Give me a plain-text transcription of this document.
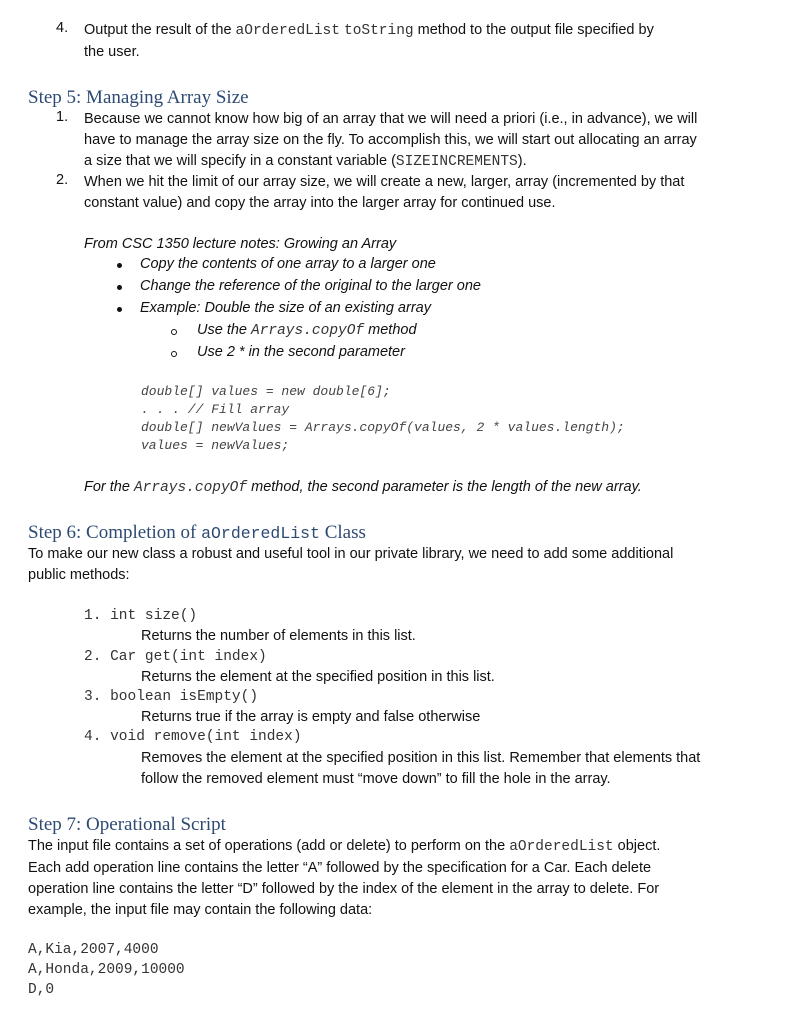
4. Output the result of the aOrderedList toString method to the output file specified by
the user.
Step 5: Managing Array Size
1. Because we cannot know how big of an array that we will need a priori (i.e., in advance), we will
have to manage the array size on the fly. To accomplish this, we will start out allocating an array
a size that we will specify in a constant variable (SIZEINCREMENTS).
2. When we hit the limit of our array size, we will create a new, larger, array (incremented by that
constant value) and copy the array into the larger array for continued use.
From CSC 1350 lecture notes: Growing an Array
Copy the contents of one array to a larger one
Change the reference of the original to the larger one
Example: Double the size of an existing array
Use the Arrays.copyOf method
Use 2 * in the second parameter
double[] values = new double[6];
. . . // Fill array
double[] newValues = Arrays.copyOf(values, 2 * values.length);
values = newValues;
For the Arrays.copyOf method, the second parameter is the length of the new array.
Step 6: Completion of aOrderedList Class
To make our new class a robust and useful tool in our private library, we need to add some additional
public methods:
1. int size()
Returns the number of elements in this list.
2. Car get(int index)
Returns the element at the specified position in this list.
3. boolean isEmpty()
Returns true if the array is empty and false otherwise
4. void remove(int index)
Removes the element at the specified position in this list. Remember that elements that
follow the removed element must “move down” to fill the hole in the array.
Step 7: Operational Script
The input file contains a set of operations (add or delete) to perform on the aOrderedList object.
Each add operation line contains the letter “A” followed by the specification for a Car. Each delete
operation line contains the letter “D” followed by the index of the element in the array to delete. For
example, the input file may contain the following data:
A,Kia,2007,4000
A,Honda,2009,10000
D,0
